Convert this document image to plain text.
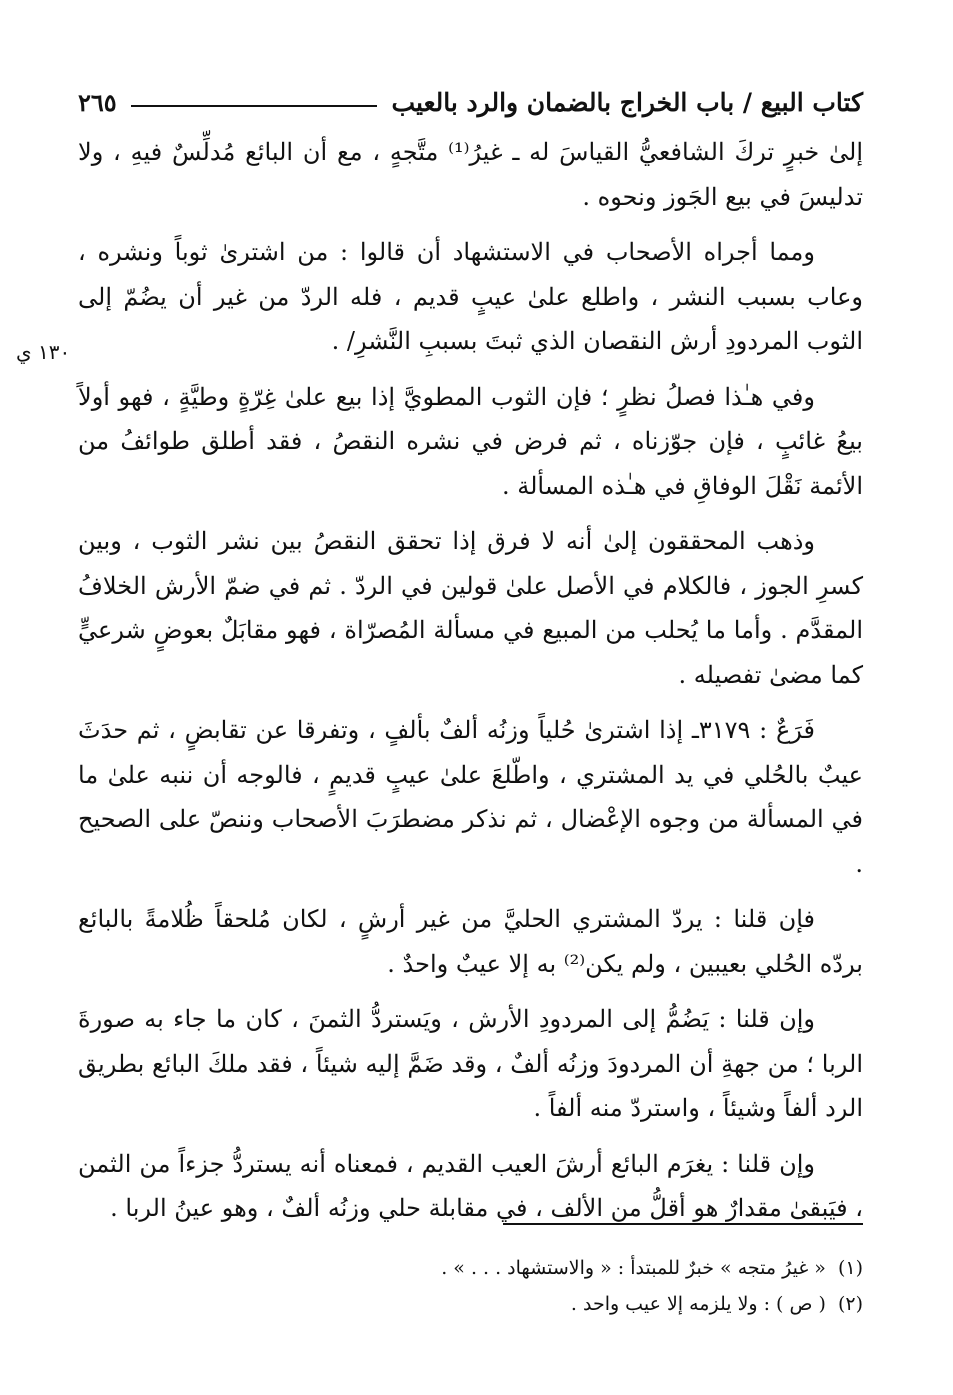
كتاب البيع / باب الخراج بالضمان والرد بالعيب
٢٦٥

إلىٰ خبرٍ تركَ الشافعيُّ القياسَ له ـ غيرُ⁽¹⁾ متَّجهٍ ، مع أن البائع مُدلِّسٌ فيهِ ، ولا تدليسَ في بيع الجَوز ونحوه .

ومما أجراه الأصحاب في الاستشهاد أن قالوا : من اشترىٰ ثوباً ونشره ، وعاب بسبب النشر ، واطلع علىٰ عيبٍ قديم ، فله الردّ من غير أن يضُمّ إلى الثوب المردودِ أرش النقصان الذي ثبتَ بسببِ النَّشرِ/ .

وفي هـٰذا فصلُ نظرٍ ؛ فإن الثوب المطويَّ إذا بيع علىٰ غِرّةٍ وطيَّةٍ ، فهو أولاً بيعُ غائبٍ ، فإن جوّزناه ، ثم فرض في نشره النقصُ ، فقد أطلق طوائفُ من الأئمة نَقْلَ الوفاقِ في هـٰذه المسألة .

وذهب المحققون إلىٰ أنه لا فرق إذا تحقق النقصُ بين نشر الثوب ، وبين كسرِ الجوز ، فالكلام في الأصل علىٰ قولين في الردّ . ثم في ضمّ الأرش الخلافُ المقدَّم . وأما ما يُحلب من المبيع في مسألة المُصرّاة ، فهو مقابَلٌ بعوضٍ شرعيٍّ كما مضىٰ تفصيله .

فَرَعٌ : ٣١٧٩ـ إذا اشترىٰ حُلياً وزنُه ألفٌ بألفٍ ، وتفرقا عن تقابضٍ ، ثم حدَثَ عيبٌ بالحُلي في يد المشتري ، واطّلعَ علىٰ عيبٍ قديمٍ ، فالوجه أن ننبه علىٰ ما في المسألة من وجوه الإعْضال ، ثم نذكر مضطرَبَ الأصحاب وننصّ على الصحيح .

فإن قلنا : يردّ المشتري الحليَّ من غير أرشٍ ، لكان مُلحقاً ظُلامةً بالبائع بردّه الحُلي بعيبين ، ولم يكن⁽²⁾ به إلا عيبٌ واحدٌ .

وإن قلنا : يَضُمُّ إلى المردودِ الأرش ، ويَستردُّ الثمنَ ، كان ما جاء به صورةَ الربا ؛ من جهةِ أن المردودَ وزنُه ألفٌ ، وقد ضَمَّ إليه شيئاً ، فقد ملكَ البائع بطريق الرد ألفاً وشيئاً ، واستردّ منه ألفاً .

وإن قلنا : يغرَم البائع أرشَ العيب القديم ، فمعناه أنه يستردُّ جزءاً من الثمن ، فيَبقىٰ مقدارٌ هو أقلُّ من الألف ، في مقابلة حلي وزنُه ألفٌ ، وهو عينُ الربا .

(١)
« غيرُ متجه » خبرٌ للمبتدأ : « والاستشهاد . . . » .
(٢)
( ص ) : ولا يلزمه إلا عيب واحد .
١٣٠ ي
